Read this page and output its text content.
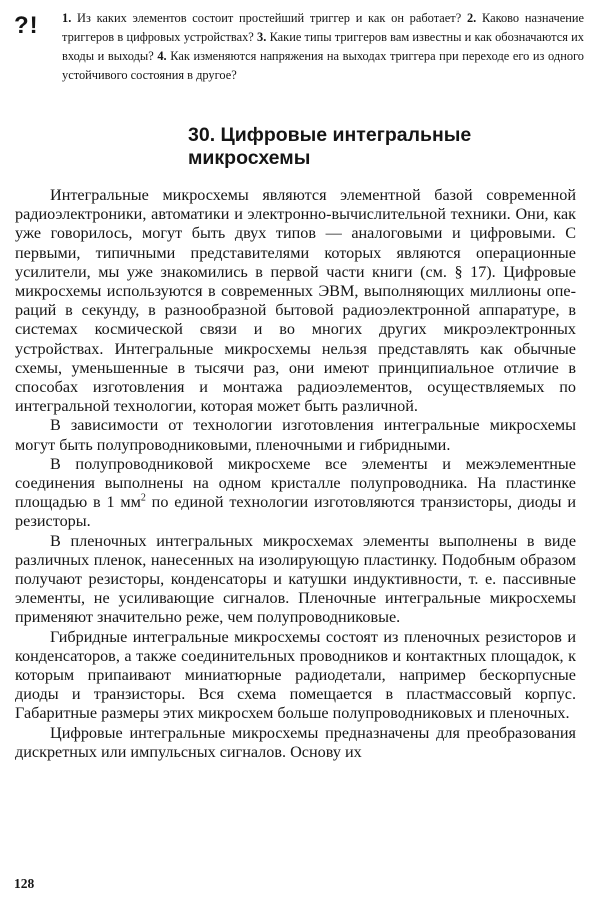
?! 1. Из каких элементов состоит простейший триггер и как он работает? 2. Каково назначение триггеров в цифровых устройствах? 3. Какие типы триггеров вам известны и как обозначаются их входы и выходы? 4. Как изменяются напряжения на выходах триггера при переходе его из одного устойчивого состояния в другое?

30. Цифровые интегральные
микросхемы

Интегральные микросхемы являются элементной базой современной радиоэлектроники, автоматики и электронно-вычислительной техники. Они, как уже говорилось, могут быть двух типов — аналоговыми и цифровыми. С первыми, типичными представителями которых являются операционные усилители, мы уже знакомились в первой части книги (см. § 17). Цифровые микросхемы используются в современных ЭВМ, выполняющих миллионы операций в секунду, в разнообразной бытовой радиоэлектронной аппаратуре, в системах космической связи и во многих других микроэлектронных устройствах. Интегральные микросхемы нельзя представлять как обычные схемы, уменьшенные в тысячи раз, они имеют принципиальное отличие в способах изготовления и монтажа радиоэлементов, осуществляемых по интегральной технологии, которая может быть различной.

В зависимости от технологии изготовления интегральные микросхемы могут быть полупроводниковыми, пленочными и гибридными.

В полупроводниковой микросхеме все элементы и межэлементные соединения выполнены на одном кристалле полупроводника. На пластинке площадью в 1 $мм^2$ по единой технологии изготовляются транзисторы, диоды и резисторы.

В пленочных интегральных микросхемах элементы выполнены в виде различных пленок, нанесенных на изолирующую пластинку. Подобным образом получают резисторы, конденсаторы и катушки индуктивности, т. е. пассивные элементы, не усиливающие сигналов. Пленочные интегральные микросхемы применяют значительно реже, чем полупроводниковые.

Гибридные интегральные микросхемы состоят из пленочных резисторов и конденсаторов, а также соединительных проводников и контактных площадок, к которым припаивают миниатюрные радиодетали, например бескорпусные диоды и транзисторы. Вся схема помещается в пластмассовый корпус. Габаритные размеры этих микросхем больше полупроводниковых и пленочных.

Цифровые интегральные микросхемы предназначены для преобразования дискретных или импульсных сигналов. Основу их

128
